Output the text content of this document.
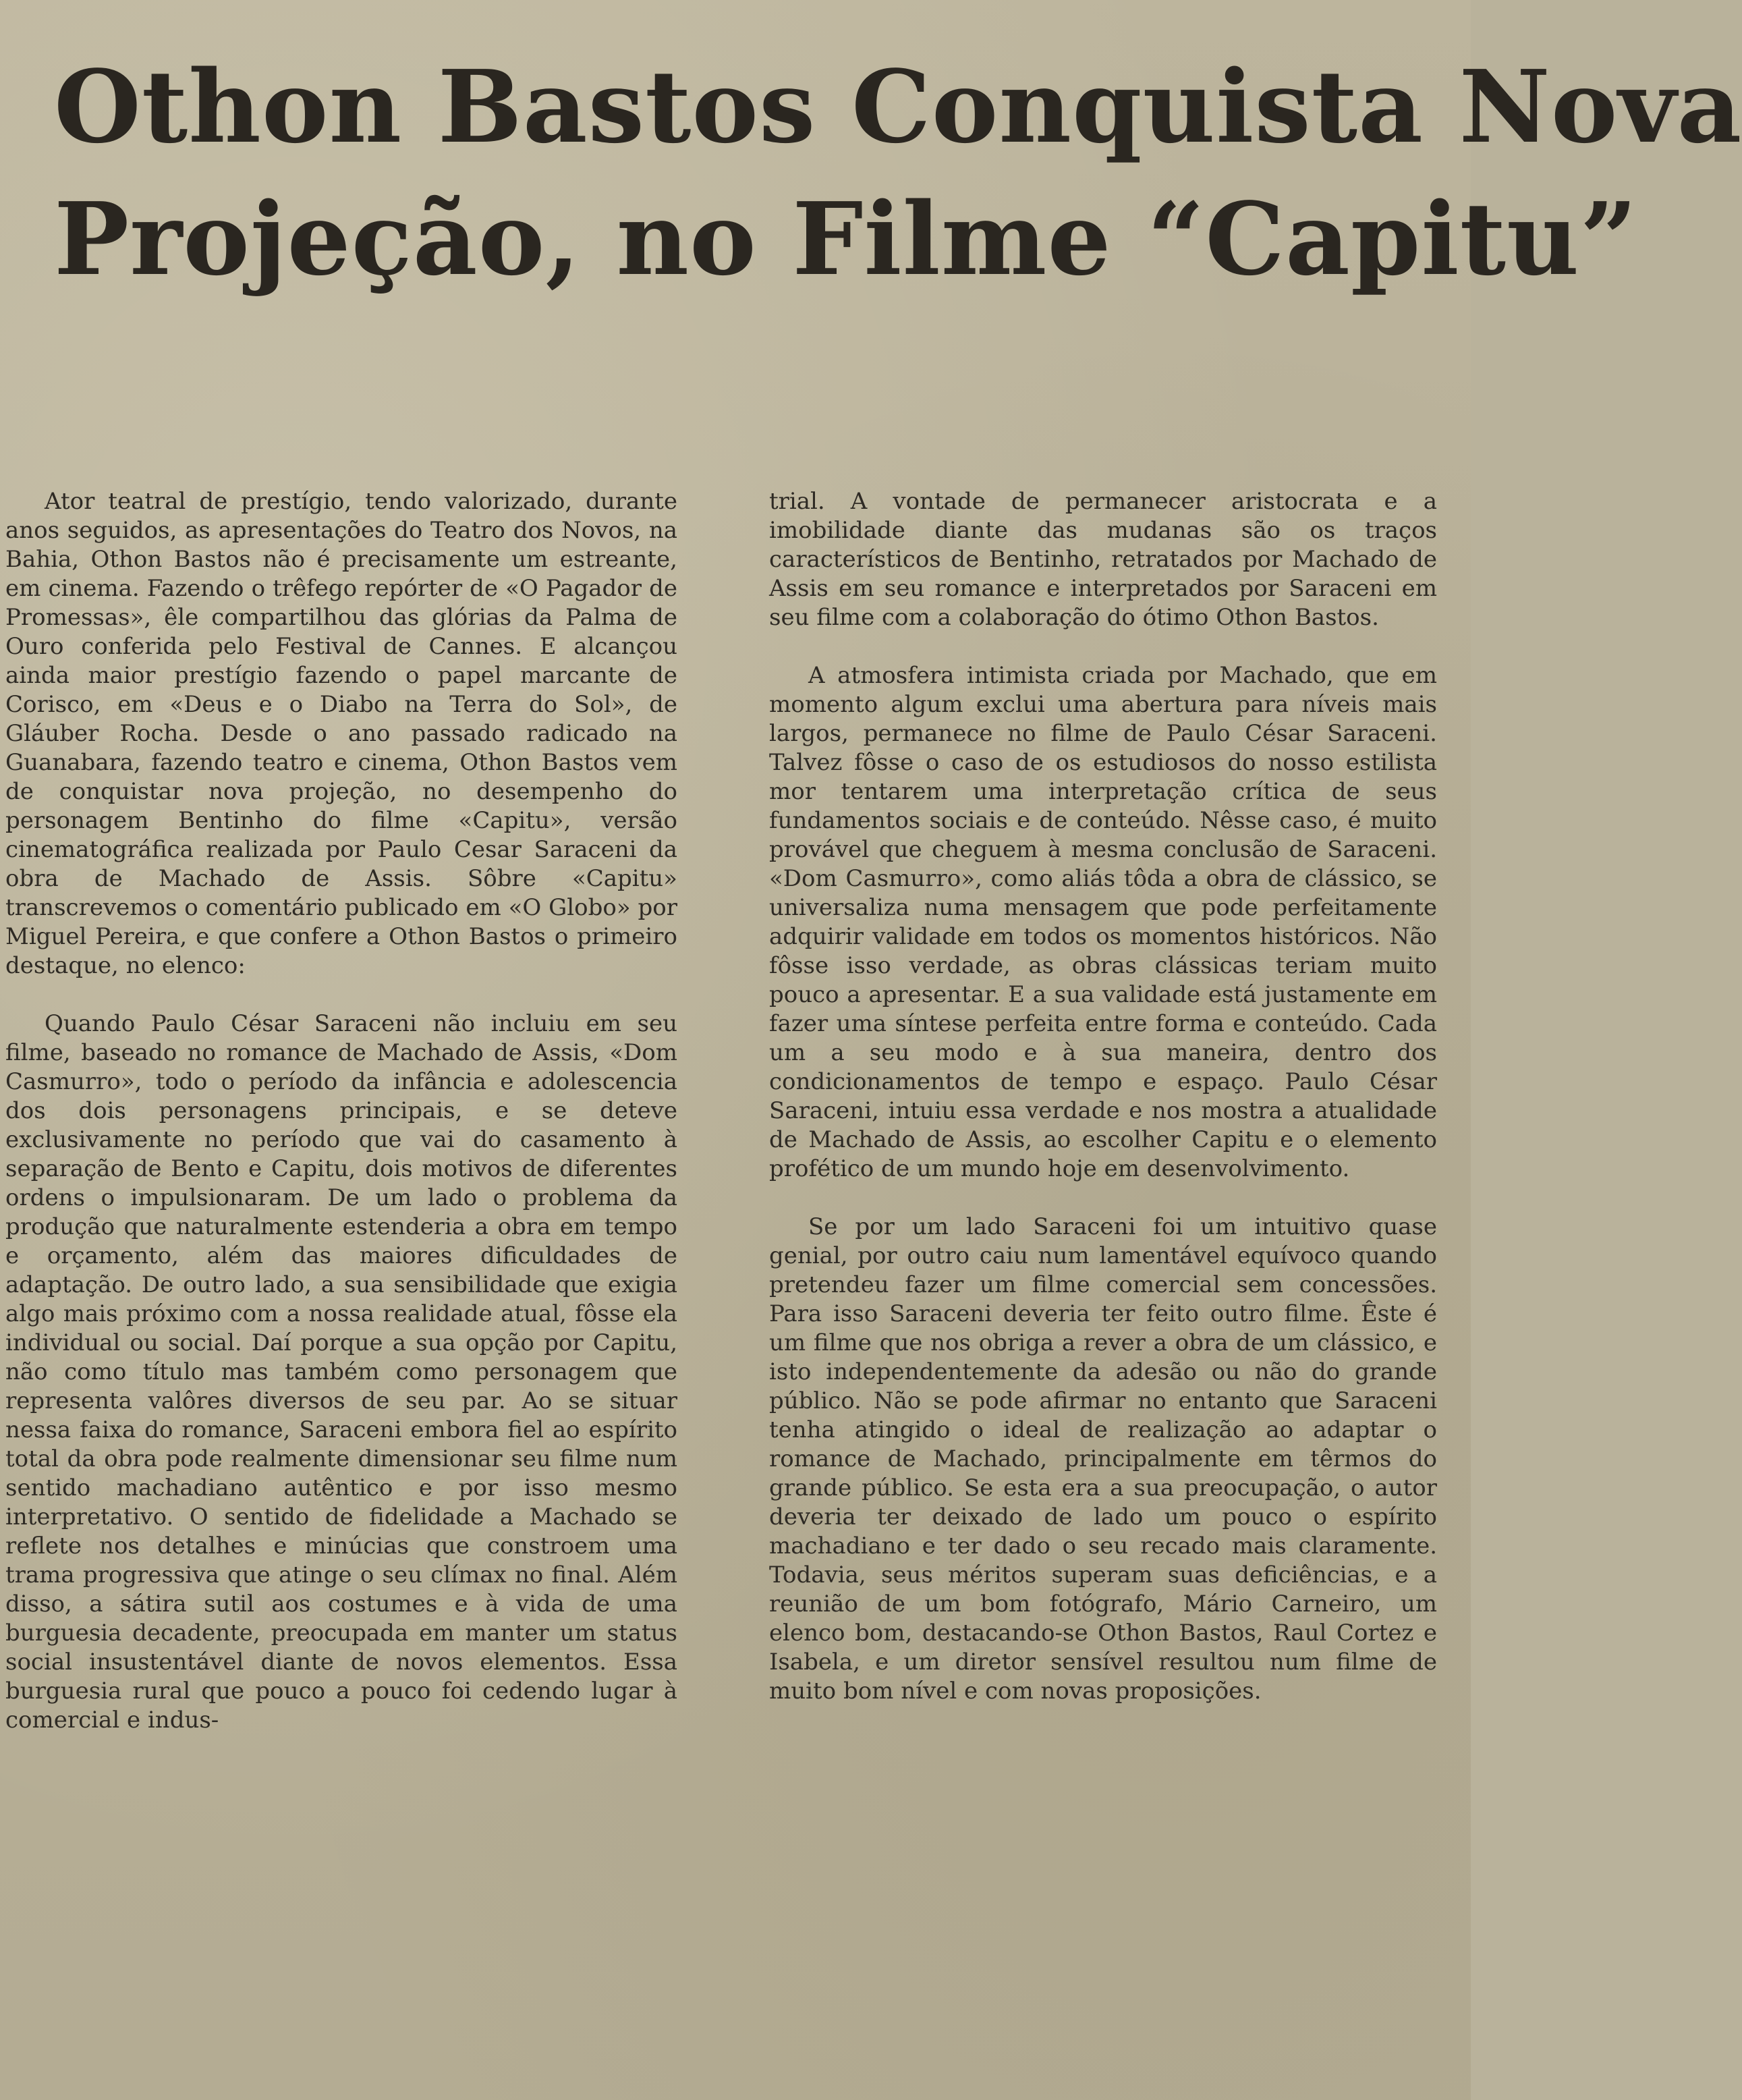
Othon Bastos Conquista Nova
Projeção, no Filme “Capitu”

Ator teatral de prestígio, tendo valorizado, durante anos seguidos, as apresentações do Teatro dos Novos, na Bahia, Othon Bastos não é precisamente um estreante, em cinema. Fazendo o trêfego repórter de «O Pagador de Promessas», êle compartilhou das glórias da Palma de Ouro conferida pelo Festival de Cannes. E alcançou ainda maior prestígio fazendo o papel marcante de Corisco, em «Deus e o Diabo na Terra do Sol», de Gláuber Rocha. Desde o ano passado radicado na Guanabara, fazendo teatro e cinema, Othon Bastos vem de conquistar nova projeção, no desempenho do personagem Bentinho do filme «Capitu», versão cinematográfica realizada por Paulo Cesar Saraceni da obra de Machado de Assis. Sôbre «Capitu» transcrevemos o comentário publicado em «O Globo» por Miguel Pereira, e que confere a Othon Bastos o primeiro destaque, no elenco:

Quando Paulo César Saraceni não incluiu em seu filme, baseado no romance de Machado de Assis, «Dom Casmurro», todo o período da infância e adolescencia dos dois personagens principais, e se deteve exclusivamente no período que vai do casamento à separação de Bento e Capitu, dois motivos de diferentes ordens o impulsionaram. De um lado o problema da produção que naturalmente estenderia a obra em tempo e orçamento, além das maiores dificuldades de adaptação. De outro lado, a sua sensibilidade que exigia algo mais próximo com a nossa realidade atual, fôsse ela individual ou social. Daí porque a sua opção por Capitu, não como título mas também como personagem que representa valôres diversos de seu par. Ao se situar nessa faixa do romance, Saraceni embora fiel ao espírito total da obra pode realmente dimensionar seu filme num sentido machadiano autêntico e por isso mesmo interpretativo. O sentido de fidelidade a Machado se reflete nos detalhes e minúcias que constroem uma trama progressiva que atinge o seu clímax no final. Além disso, a sátira sutil aos costumes e à vida de uma burguesia decadente, preocupada em manter um status social insustentável diante de novos elementos. Essa burguesia rural que pouco a pouco foi cedendo lugar à comercial e indus-

trial. A vontade de permanecer aristocrata e a imobilidade diante das mudanas são os traços característicos de Bentinho, retratados por Machado de Assis em seu romance e interpretados por Saraceni em seu filme com a colaboração do ótimo Othon Bastos.

A atmosfera intimista criada por Machado, que em momento algum exclui uma abertura para níveis mais largos, permanece no filme de Paulo César Saraceni. Talvez fôsse o caso de os estudiosos do nosso estilista mor tentarem uma interpretação crítica de seus fundamentos sociais e de conteúdo. Nêsse caso, é muito provável que cheguem à mesma conclusão de Saraceni. «Dom Casmurro», como aliás tôda a obra de clássico, se universaliza numa mensagem que pode perfeitamente adquirir validade em todos os momentos históricos. Não fôsse isso verdade, as obras clássicas teriam muito pouco a apresentar. E a sua validade está justamente em fazer uma síntese perfeita entre forma e conteúdo. Cada um a seu modo e à sua maneira, dentro dos condicionamentos de tempo e espaço. Paulo César Saraceni, intuiu essa verdade e nos mostra a atualidade de Machado de Assis, ao escolher Capitu e o elemento profético de um mundo hoje em desenvolvimento.

Se por um lado Saraceni foi um intuitivo quase genial, por outro caiu num lamentável equívoco quando pretendeu fazer um filme comercial sem concessões. Para isso Saraceni deveria ter feito outro filme. Êste é um filme que nos obriga a rever a obra de um clássico, e isto independentemente da adesão ou não do grande público. Não se pode afirmar no entanto que Saraceni tenha atingido o ideal de realização ao adaptar o romance de Machado, principalmente em têrmos do grande público. Se esta era a sua preocupação, o autor deveria ter deixado de lado um pouco o espírito machadiano e ter dado o seu recado mais claramente. Todavia, seus méritos superam suas deficiências, e a reunião de um bom fotógrafo, Mário Carneiro, um elenco bom, destacando-se Othon Bastos, Raul Cortez e Isabela, e um diretor sensível resultou num filme de muito bom nível e com novas proposições.
